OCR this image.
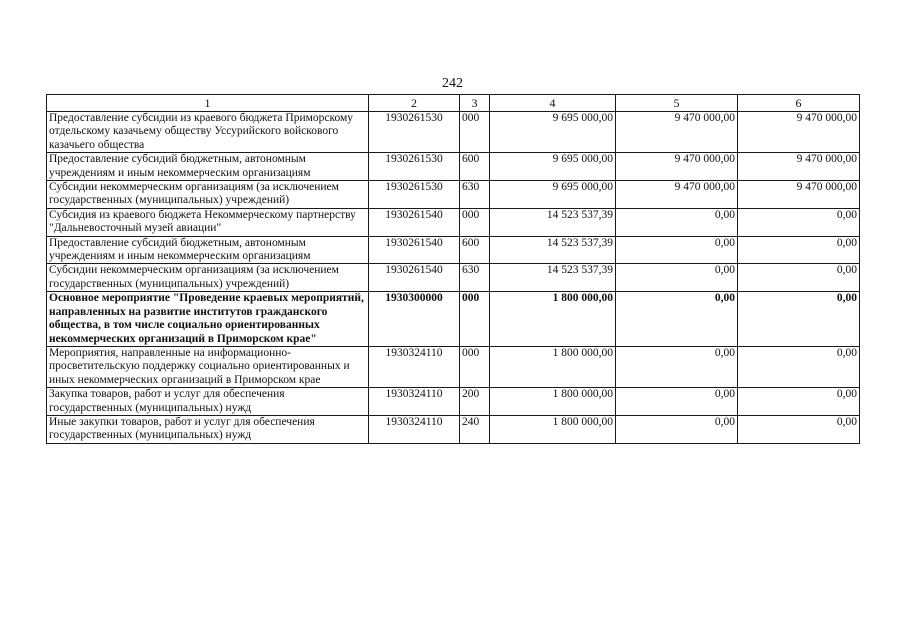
242
1	2	3	4	5	6
Предоставление субсидии из краевого бюджета Приморскому отдельскому казачьему обществу Уссурийского войскового казачьего общества	1930261530	000	9 695 000,00	9 470 000,00	9 470 000,00
Предоставление субсидий бюджетным, автономным учреждениям и иным некоммерческим организациям	1930261530	600	9 695 000,00	9 470 000,00	9 470 000,00
Субсидии некоммерческим организациям (за исключением государственных (муниципальных) учреждений)	1930261530	630	9 695 000,00	9 470 000,00	9 470 000,00
Субсидия из краевого бюджета Некоммерческому партнерству "Дальневосточный музей авиации"	1930261540	000	14 523 537,39	0,00	0,00
Предоставление субсидий бюджетным, автономным учреждениям и иным некоммерческим организациям	1930261540	600	14 523 537,39	0,00	0,00
Субсидии некоммерческим организациям (за исключением государственных (муниципальных) учреждений)	1930261540	630	14 523 537,39	0,00	0,00
Основное мероприятие "Проведение краевых мероприятий, направленных на развитие институтов гражданского общества, в том числе социально ориентированных некоммерческих организаций в Приморском крае"	1930300000	000	1 800 000,00	0,00	0,00
Мероприятия, направленные на информационно-просветительскую поддержку социально ориентированных и иных некоммерческих организаций в Приморском крае	1930324110	000	1 800 000,00	0,00	0,00
Закупка товаров, работ и услуг для обеспечения государственных (муниципальных) нужд	1930324110	200	1 800 000,00	0,00	0,00
Иные закупки товаров, работ и услуг для обеспечения государственных (муниципальных) нужд	1930324110	240	1 800 000,00	0,00	0,00
